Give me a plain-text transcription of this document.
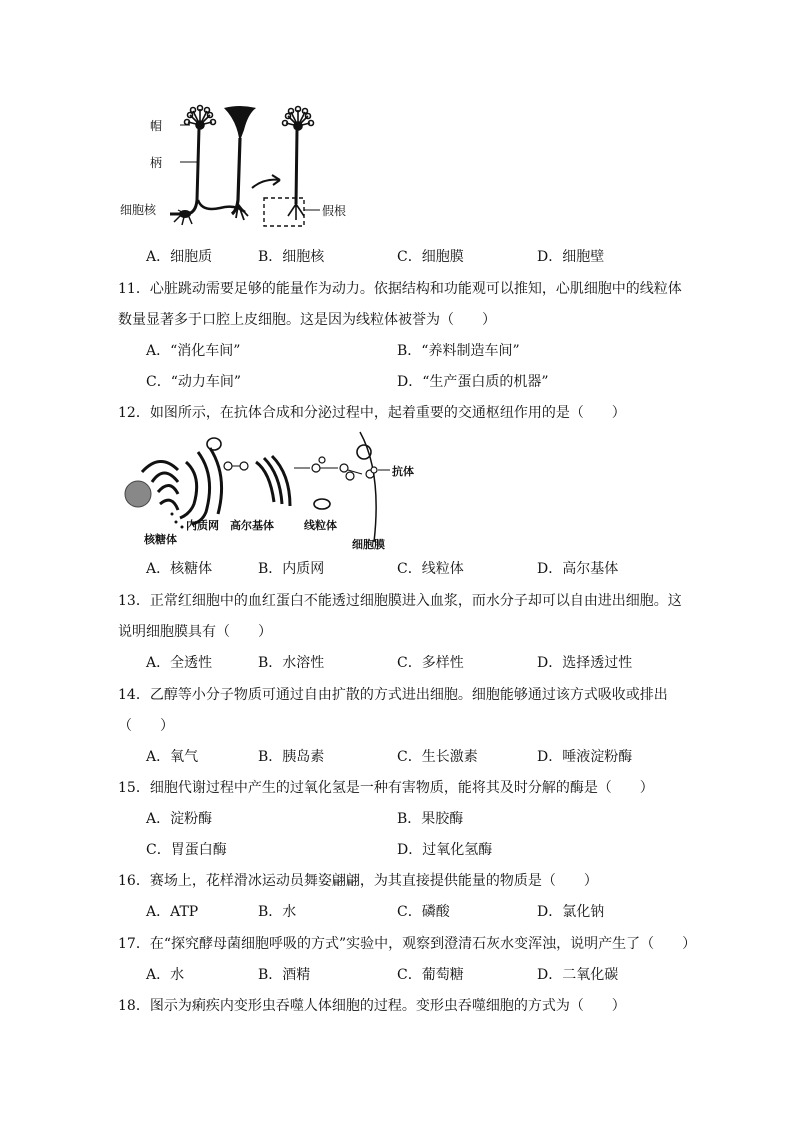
帽
柄
细胞核	假根
A．细胞质	B．细胞核	C．细胞膜	D．细胞壁
11．心脏跳动需要足够的能量作为动力。依据结构和功能观可以推知，心肌细胞中的线粒体
数量显著多于口腔上皮细胞。这是因为线粒体被誉为（　　）
A．“消化车间”	B．“养料制造车间”
C．“动力车间”	D．“生产蛋白质的机器”
12．如图所示，在抗体合成和分泌过程中，起着重要的交通枢纽作用的是（　　）
抗体
内质网 高尔基体	线粒体
核糖体	细胞膜
A．核糖体	B．内质网	C．线粒体	D．高尔基体
13．正常红细胞中的血红蛋白不能透过细胞膜进入血浆，而水分子却可以自由进出细胞。这
说明细胞膜具有（　　）
A．全透性	B．水溶性	C．多样性	D．选择透过性
14．乙醇等小分子物质可通过自由扩散的方式进出细胞。细胞能够通过该方式吸收或排出
（　　）
A．氧气	B．胰岛素	C．生长激素	D．唾液淀粉酶
15．细胞代谢过程中产生的过氧化氢是一种有害物质，能将其及时分解的酶是（　　）
A．淀粉酶	B．果胶酶
C．胃蛋白酶	D．过氧化氢酶
16．赛场上，花样滑冰运动员舞姿翩翩，为其直接提供能量的物质是（　　）
A．ATP	B．水	C．磷酸	D．氯化钠
17．在“探究酵母菌细胞呼吸的方式”实验中，观察到澄清石灰水变浑浊，说明产生了（　　）
A．水	B．酒精	C．葡萄糖	D．二氧化碳
18．图示为痢疾内变形虫吞噬人体细胞的过程。变形虫吞噬细胞的方式为（　　）
